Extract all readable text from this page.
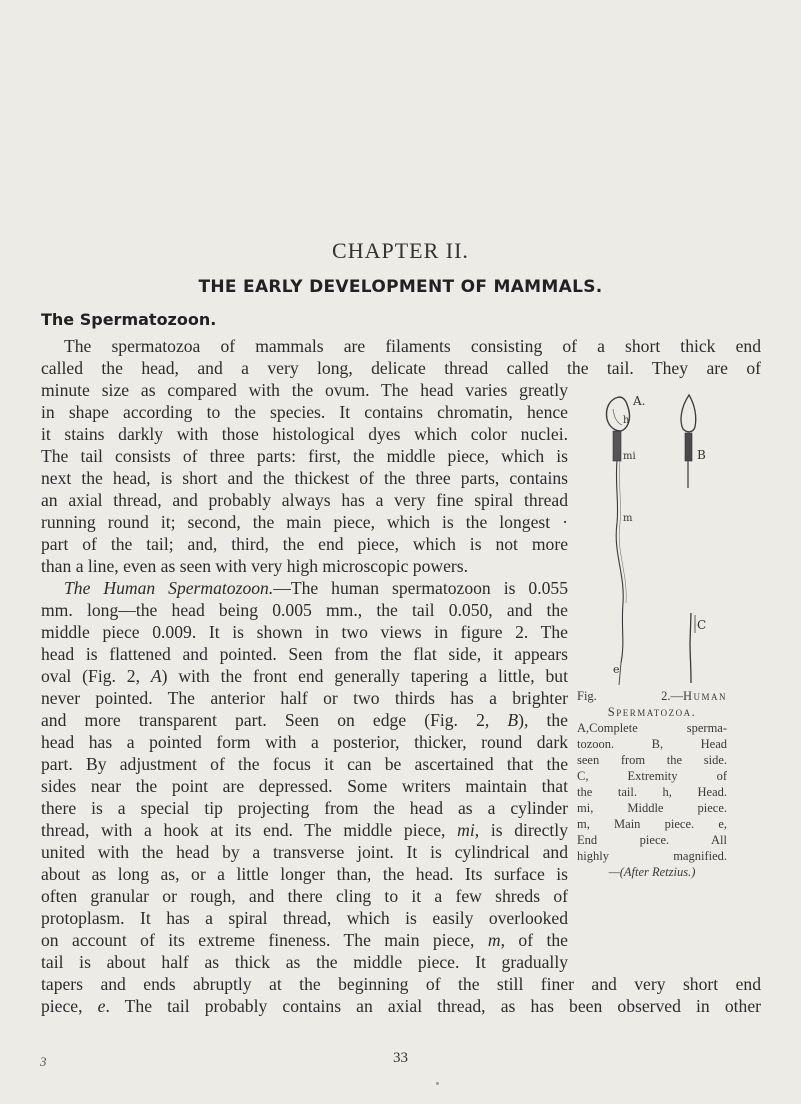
CHAPTER II.
THE EARLY DEVELOPMENT OF MAMMALS.
The Spermatozoon.
The spermatozoa of mammals are filaments consisting of a short thick end
called the head, and a very long, delicate thread called the tail. They are of
minute size as compared with the ovum. The head varies greatly
in shape according to the species. It contains chromatin, hence
it stains darkly with those histological dyes which color nuclei.
The tail consists of three parts: first, the middle piece, which is
next the head, is short and the thickest of the three parts, contains
an axial thread, and probably always has a very fine spiral thread
running round it; second, the main piece, which is the longest ·
part of the tail; and, third, the end piece, which is not more
than a line, even as seen with very high microscopic powers.
The Human Spermatozoon.—The human spermatozoon is 0.055
mm. long—the head being 0.005 mm., the tail 0.050, and the
middle piece 0.009. It is shown in two views in figure 2. The
head is flattened and pointed. Seen from the flat side, it appears
oval (Fig. 2, A) with the front end generally tapering a little, but
never pointed. The anterior half or two thirds has a brighter
and more transparent part. Seen on edge (Fig. 2, B), the
head has a pointed form with a posterior, thicker, round dark
part. By adjustment of the focus it can be ascertained that the
sides near the point are depressed. Some writers maintain that
there is a special tip projecting from the head as a cylinder
thread, with a hook at its end. The middle piece, mi, is directly
united with the head by a transverse joint. It is cylindrical and
about as long as, or a little longer than, the head. Its surface is
often granular or rough, and there cling to it a few shreds of
protoplasm. It has a spiral thread, which is easily overlooked
on account of its extreme fineness. The main piece, m, of the
tail is about half as thick as the middle piece. It gradually
tapers and ends abruptly at the beginning of the still finer and very short end
piece, e. The tail probably contains an axial thread, as has been observed in other
A.
h
mi	B
m
C
e
Fig. 2.—Human
Spermatozoa.
A,Complete sperma-
tozoon. B, Head
seen from the side.
C, Extremity of
the tail. h, Head.
mi, Middle piece.
m, Main piece. e,
End piece. All
highly magnified.
—(After Retzius.)
3	33
